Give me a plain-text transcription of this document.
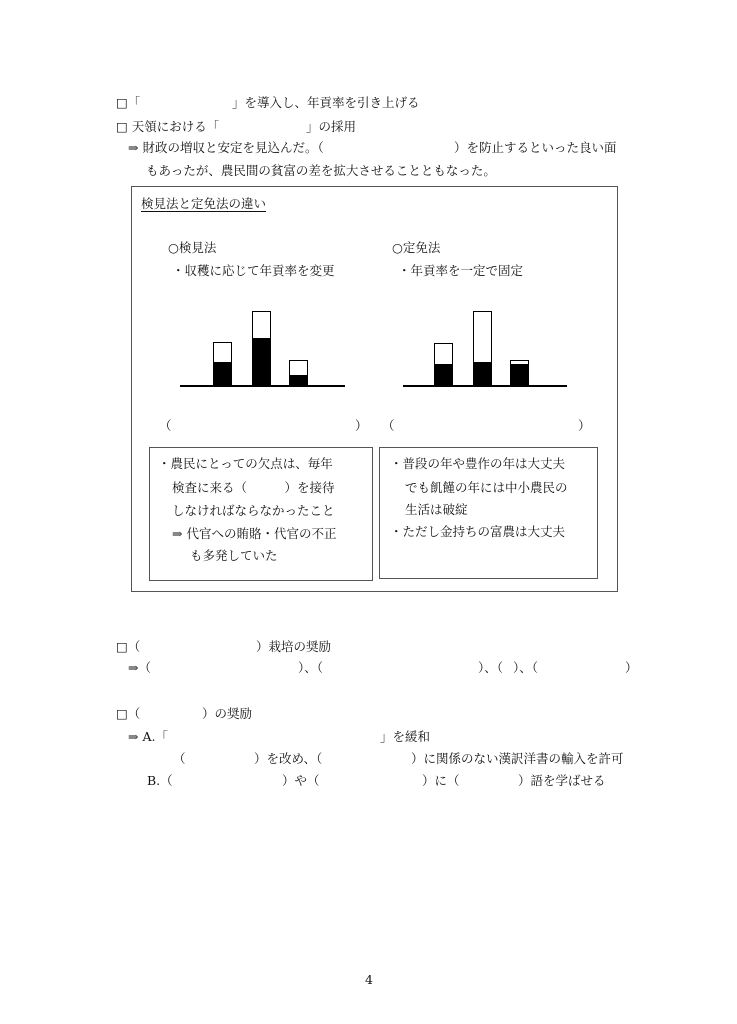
□「	」を導入し、年貢率を引き上げる
□ 天領における「	」の採用
⇒ 財政の増収と安定を見込んだ。（	）を防止するといった良い面
もあったが、農民間の貧富の差を拡大させることともなった。
検見法と定免法の違い
○検見法
・収穫に応じて年貢率を変更
○定免法
・年貢率を一定で固定
（	） （	）
・農民にとっての欠点は、毎年
検査に来る（　　　）を接待
しなければならなかったこと
⇒ 代官への賄賂・代官の不正
も多発していた
・普段の年や豊作の年は大丈夫
でも飢饉の年には中小農民の
生活は破綻
・ただし金持ちの富農は大丈夫
□（	）栽培の奨励
⇒（	）、（	）、（ ）、（	）
□（	）の奨励
⇒ A.「	」を緩和
（	）を改め、（	）に関係のない漢訳洋書の輸入を許可
B.（	）や（	）に（	）語を学ばせる
4
